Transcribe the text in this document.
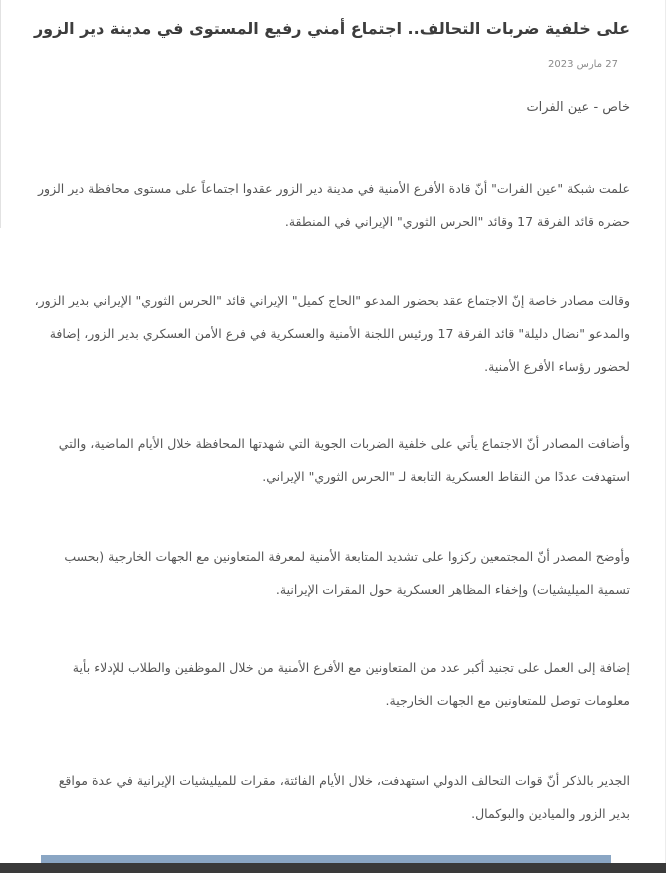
على خلفية ضربات التحالف.. اجتماع أمني رفيع المستوى في مدينة دير الزور
27 مارس 2023
خاص - عين الفرات

علمت شبكة "عين الفرات" أنّ قادة الأفرع الأمنية في مدينة دير الزور عقدوا اجتماعاً على مستوى محافظة دير الزور
حضره قائد الفرقة 17 وقائد "الحرس الثوري" الإيراني في المنطقة.

وقالت مصادر خاصة إنّ الاجتماع عقد بحضور المدعو "الحاج كميل" الإيراني قائد "الحرس الثوري" الإيراني بدير الزور،
والمدعو "نضال دليلة" قائد الفرقة 17 ورئيس اللجنة الأمنية والعسكرية في فرع الأمن العسكري بدير الزور، إضافة
لحضور رؤساء الأفرع الأمنية.

وأضافت المصادر أنّ الاجتماع يأتي على خلفية الضربات الجوية التي شهدتها المحافظة خلال الأيام الماضية، والتي
استهدفت عددًا من النقاط العسكرية التابعة لـ "الحرس الثوري" الإيراني.

وأوضح المصدر أنّ المجتمعين ركزوا على تشديد المتابعة الأمنية لمعرفة المتعاونين مع الجهات الخارجية (بحسب
تسمية الميليشيات) وإخفاء المظاهر العسكرية حول المقرات الإيرانية.

إضافة إلى العمل على تجنيد أكبر عدد من المتعاونين مع الأفرع الأمنية من خلال الموظفين والطلاب للإدلاء بأية
معلومات توصل للمتعاونين مع الجهات الخارجية.

الجدير بالذكر أنّ قوات التحالف الدولي استهدفت، خلال الأيام الفائتة، مقرات للميليشيات الإيرانية في عدة مواقع
بدير الزور والميادين والبوكمال.
